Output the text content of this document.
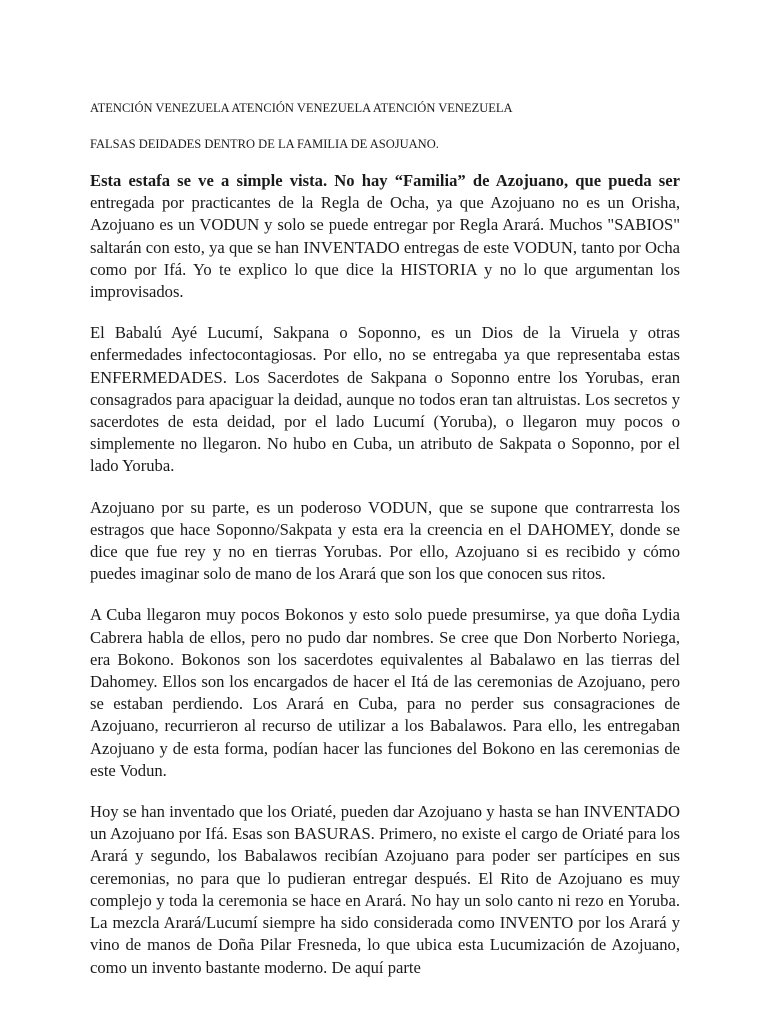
ATENCIÓN VENEZUELA ATENCIÓN VENEZUELA ATENCIÓN VENEZUELA
FALSAS DEIDADES DENTRO DE LA FAMILIA DE ASOJUANO.

Esta estafa se ve a simple vista. No hay “Familia” de Azojuano, que pueda ser entregada por practicantes de la Regla de Ocha, ya que Azojuano no es un Orisha, Azojuano es un VODUN y solo se puede entregar por Regla Arará. Muchos "SABIOS" saltarán con esto, ya que se han INVENTADO entregas de este VODUN, tanto por Ocha como por Ifá. Yo te explico lo que dice la HISTORIA y no lo que argumentan los improvisados.

El Babalú Ayé Lucumí, Sakpana o Soponno, es un Dios de la Viruela y otras enfermedades infectocontagiosas. Por ello, no se entregaba ya que representaba estas ENFERMEDADES. Los Sacerdotes de Sakpana o Soponno entre los Yorubas, eran consagrados para apaciguar la deidad, aunque no todos eran tan altruistas. Los secretos y sacerdotes de esta deidad, por el lado Lucumí (Yoruba), o llegaron muy pocos o simplemente no llegaron. No hubo en Cuba, un atributo de Sakpata o Soponno, por el lado Yoruba.

Azojuano por su parte, es un poderoso VODUN, que se supone que contrarresta los estragos que hace Soponno/Sakpata y esta era la creencia en el DAHOMEY, donde se dice que fue rey y no en tierras Yorubas. Por ello, Azojuano si es recibido y cómo puedes imaginar solo de mano de los Arará que son los que conocen sus ritos.

A Cuba llegaron muy pocos Bokonos y esto solo puede presumirse, ya que doña Lydia Cabrera habla de ellos, pero no pudo dar nombres. Se cree que Don Norberto Noriega, era Bokono. Bokonos son los sacerdotes equivalentes al Babalawo en las tierras del Dahomey. Ellos son los encargados de hacer el Itá de las ceremonias de Azojuano, pero se estaban perdiendo. Los Arará en Cuba, para no perder sus consagraciones de Azojuano, recurrieron al recurso de utilizar a los Babalawos. Para ello, les entregaban Azojuano y de esta forma, podían hacer las funciones del Bokono en las ceremonias de este Vodun.

Hoy se han inventado que los Oriaté, pueden dar Azojuano y hasta se han INVENTADO un Azojuano por Ifá. Esas son BASURAS. Primero, no existe el cargo de Oriaté para los Arará y segundo, los Babalawos recibían Azojuano para poder ser partícipes en sus ceremonias, no para que lo pudieran entregar después. El Rito de Azojuano es muy complejo y toda la ceremonia se hace en Arará. No hay un solo canto ni rezo en Yoruba. La mezcla Arará/Lucumí siempre ha sido considerada como INVENTO por los Arará y vino de manos de Doña Pilar Fresneda, lo que ubica esta Lucumización de Azojuano, como un invento bastante moderno. De aquí parte
